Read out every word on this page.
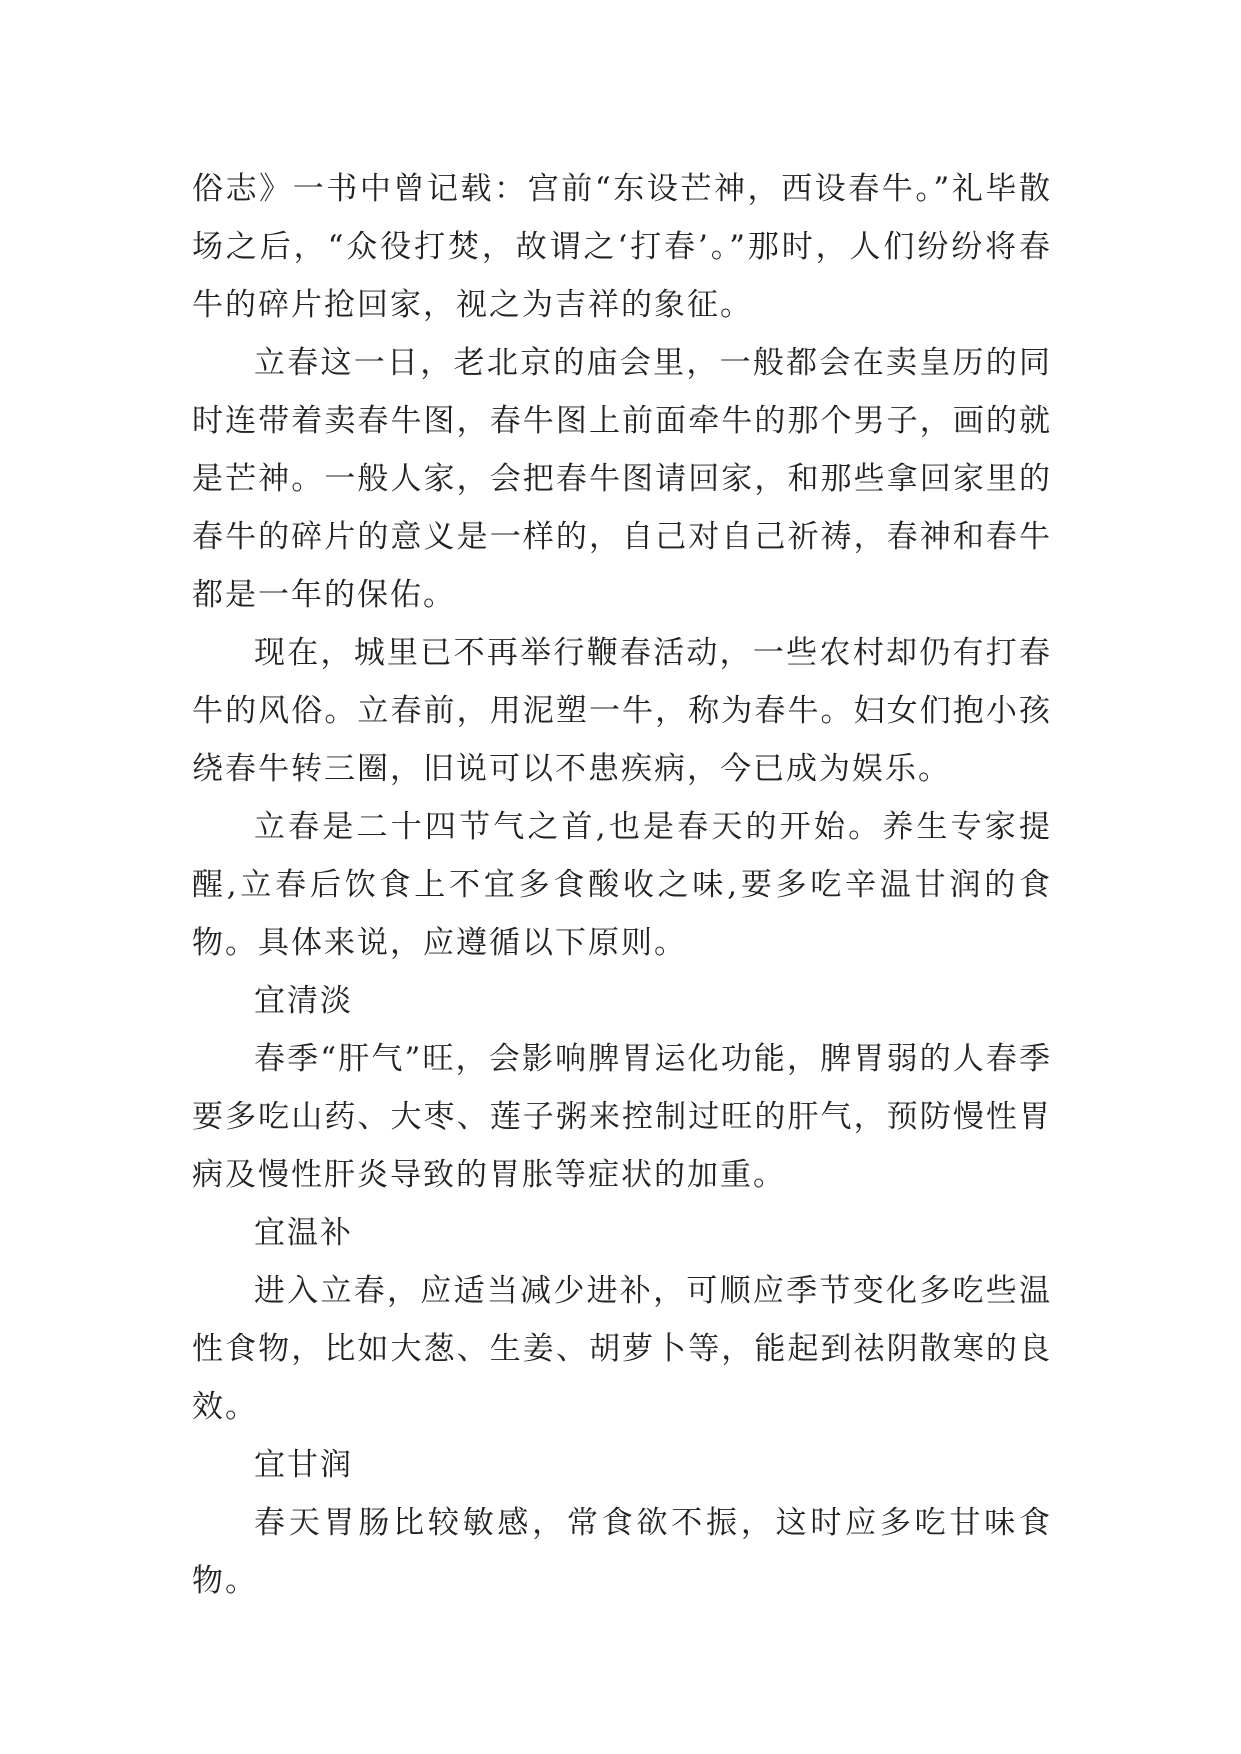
俗志》一书中曾记载：宫前“东设芒神，西设春牛。”礼毕散场之后，“众役打焚，故谓之‘打春’。”那时，人们纷纷将春牛的碎片抢回家，视之为吉祥的象征。

立春这一日，老北京的庙会里，一般都会在卖皇历的同时连带着卖春牛图，春牛图上前面牵牛的那个男子，画的就是芒神。一般人家，会把春牛图请回家，和那些拿回家里的春牛的碎片的意义是一样的，自己对自己祈祷，春神和春牛都是一年的保佑。

现在，城里已不再举行鞭春活动，一些农村却仍有打春牛的风俗。立春前，用泥塑一牛，称为春牛。妇女们抱小孩绕春牛转三圈，旧说可以不患疾病，今已成为娱乐。

立春是二十四节气之首,也是春天的开始。养生专家提醒,立春后饮食上不宜多食酸收之味,要多吃辛温甘润的食物。具体来说，应遵循以下原则。

宜清淡

春季“肝气”旺，会影响脾胃运化功能，脾胃弱的人春季要多吃山药、大枣、莲子粥来控制过旺的肝气，预防慢性胃病及慢性肝炎导致的胃胀等症状的加重。

宜温补

进入立春，应适当减少进补，可顺应季节变化多吃些温性食物，比如大葱、生姜、胡萝卜等，能起到祛阴散寒的良效。

宜甘润

春天胃肠比较敏感，常食欲不振，这时应多吃甘味食物。
